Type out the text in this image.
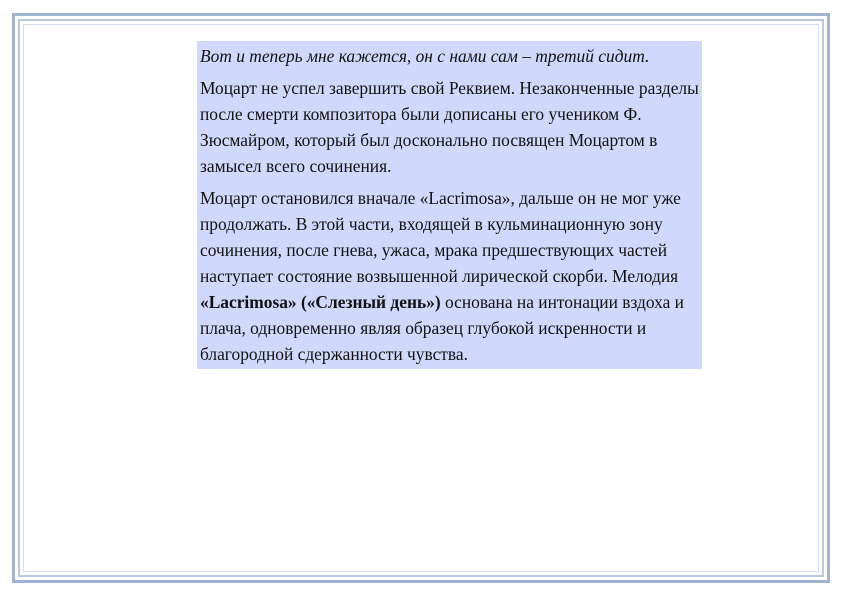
Вот и теперь мне кажется, он с нами сам – третий сидит.

Моцарт не успел завершить свой Реквием. Незаконченные разделы после смерти композитора были дописаны его учеником Ф. Зюсмайром, который был досконально посвящен Моцартом в замысел всего сочинения.

Моцарт остановился вначале «Lacrimosa», дальше он не мог уже продолжать. В этой части, входящей в кульминационную зону сочинения, после гнева, ужаса, мрака предшествующих частей наступает состояние возвышенной лирической скорби. Мелодия «Lacrimosa» («Слезный день») основана на интонации вздоха и плача, одновременно являя образец глубокой искренности и благородной сдержанности чувства.
